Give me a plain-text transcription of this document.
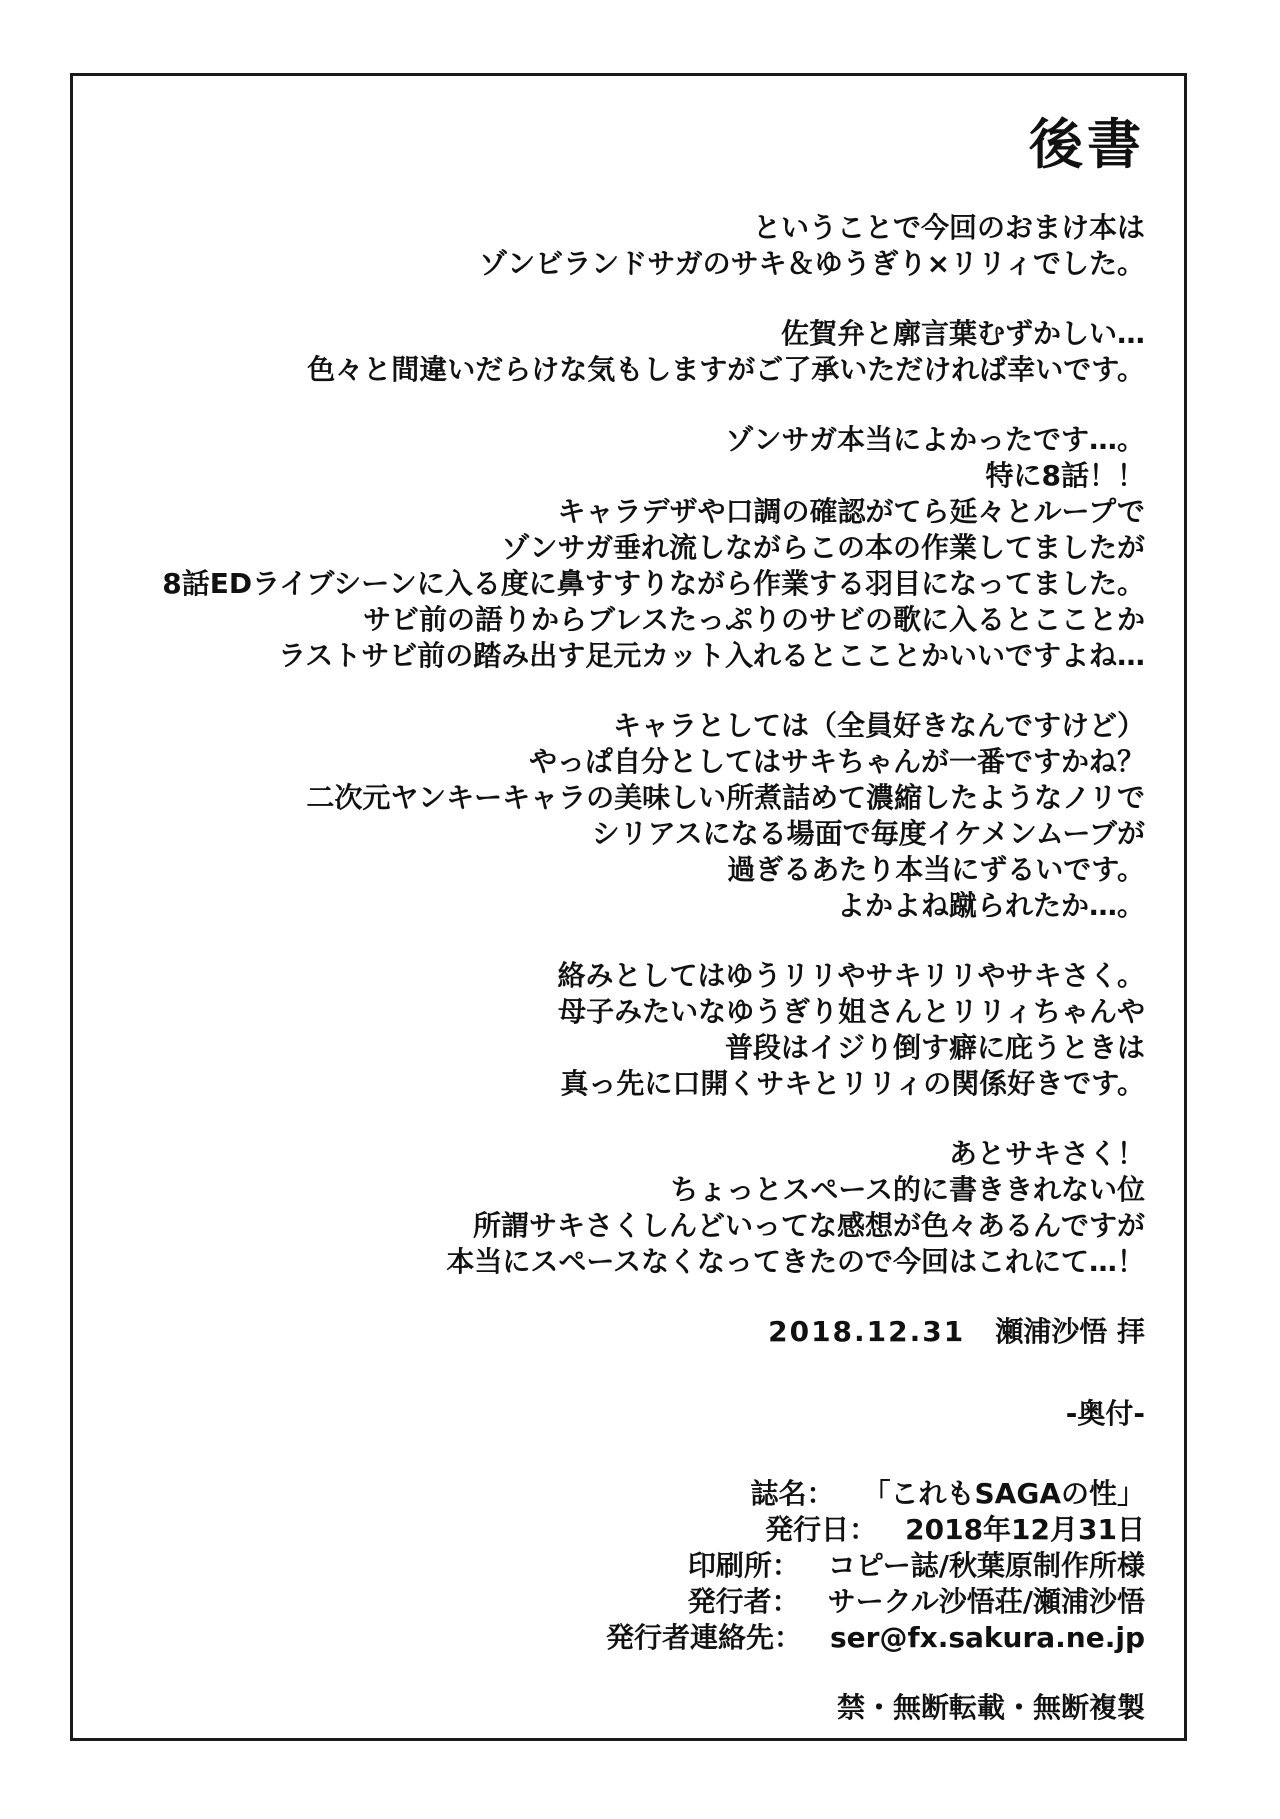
後書
ということで今回のおまけ本は
ゾンビランドサガのサキ＆ゆうぎり×リリィでした。
佐賀弁と廓言葉むずかしい…
色々と間違いだらけな気もしますがご了承いただければ幸いです。
ゾンサガ本当によかったです…。
特に8話！！
キャラデザや口調の確認がてら延々とループで
ゾンサガ垂れ流しながらこの本の作業してましたが
8話EDライブシーンに入る度に鼻すすりながら作業する羽目になってました。
サビ前の語りからブレスたっぷりのサビの歌に入るとこことか
ラストサビ前の踏み出す足元カット入れるとこことかいいですよね…
キャラとしては（全員好きなんですけど）
やっぱ自分としてはサキちゃんが一番ですかね？
二次元ヤンキーキャラの美味しい所煮詰めて濃縮したようなノリで
シリアスになる場面で毎度イケメンムーブが
過ぎるあたり本当にずるいです。
よかよね蹴られたか…。
絡みとしてはゆうリリやサキリリやサキさく。
母子みたいなゆうぎり姐さんとリリィちゃんや
普段はイジり倒す癖に庇うときは
真っ先に口開くサキとリリィの関係好きです。
あとサキさく！
ちょっとスペース的に書ききれない位
所謂サキさくしんどいってな感想が色々あるんですが
本当にスペースなくなってきたので今回はこれにて…！
2018.12.31 瀬浦沙悟 拝
-奥付-
誌名： 「これもSAGAの性」
発行日： 2018年12月31日
印刷所： コピー誌/秋葉原制作所様
発行者： サークル沙悟荘/瀬浦沙悟
発行者連絡先： ser@fx.sakura.ne.jp
禁・無断転載・無断複製
